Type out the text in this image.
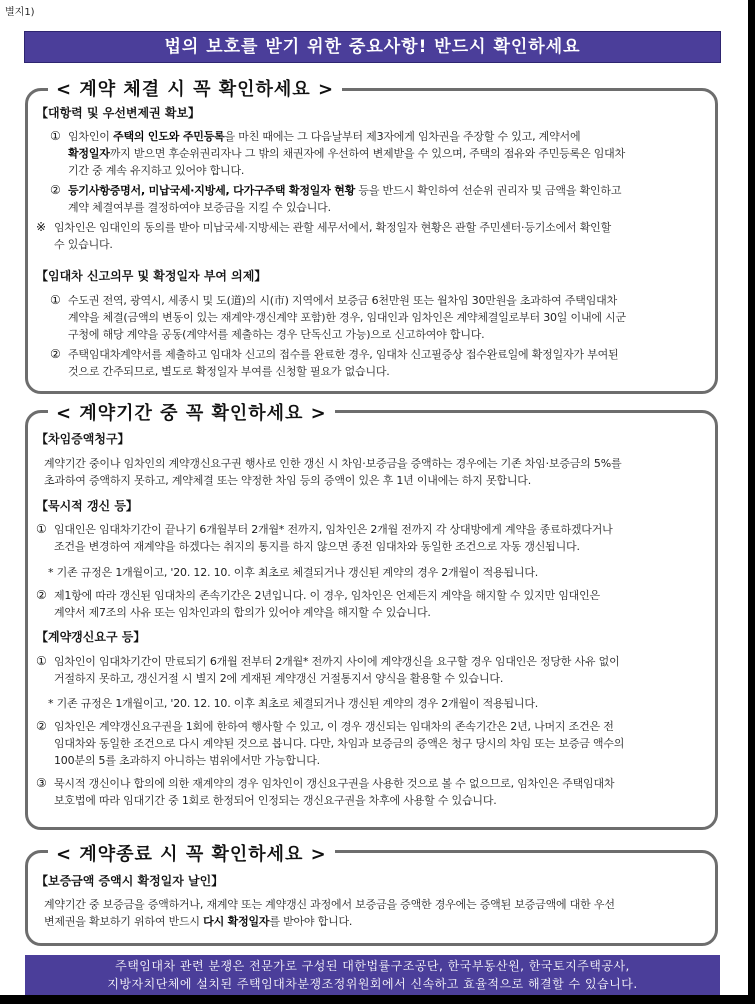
별지1)
법의 보호를 받기 위한 중요사항! 반드시 확인하세요
< 계약 체결 시 꼭 확인하세요 >
【대항력 및 우선변제권 확보】
① 임차인이 주택의 인도와 주민등록을 마친 때에는 그 다음날부터 제3자에게 임차권을 주장할 수 있고, 계약서에
확정일자까지 받으면 후순위권리자나 그 밖의 채권자에 우선하여 변제받을 수 있으며, 주택의 점유와 주민등록은 임대차
기간 중 계속 유지하고 있어야 합니다.
② 등기사항증명서, 미납국세·지방세, 다가구주택 확정일자 현황 등을 반드시 확인하여 선순위 권리자 및 금액을 확인하고
계약 체결여부를 결정하여야 보증금을 지킬 수 있습니다.
※ 임차인은 임대인의 동의를 받아 미납국세·지방세는 관할 세무서에서, 확정일자 현황은 관할 주민센터·등기소에서 확인할
수 있습니다.
【임대차 신고의무 및 확정일자 부여 의제】
① 수도권 전역, 광역시, 세종시 및 도(道)의 시(市) 지역에서 보증금 6천만원 또는 월차임 30만원을 초과하여 주택임대차
계약을 체결(금액의 변동이 있는 재계약·갱신계약 포함)한 경우, 임대인과 임차인은 계약체결일로부터 30일 이내에 시군
구청에 해당 계약을 공동(계약서를 제출하는 경우 단독신고 가능)으로 신고하여야 합니다.
② 주택임대차계약서를 제출하고 임대차 신고의 접수를 완료한 경우, 임대차 신고필증상 접수완료일에 확정일자가 부여된
것으로 간주되므로, 별도로 확정일자 부여를 신청할 필요가 없습니다.
< 계약기간 중 꼭 확인하세요 >
【차임증액청구】
계약기간 중이나 임차인의 계약갱신요구권 행사로 인한 갱신 시 차임·보증금을 증액하는 경우에는 기존 차임·보증금의 5%를
초과하여 증액하지 못하고, 계약체결 또는 약정한 차임 등의 증액이 있은 후 1년 이내에는 하지 못합니다.
【묵시적 갱신 등】
① 임대인은 임대차기간이 끝나기 6개월부터 2개월* 전까지, 임차인은 2개월 전까지 각 상대방에게 계약을 종료하겠다거나
조건을 변경하여 재계약을 하겠다는 취지의 통지를 하지 않으면 종전 임대차와 동일한 조건으로 자동 갱신됩니다.
* 기존 규정은 1개월이고, '20. 12. 10. 이후 최초로 체결되거나 갱신된 계약의 경우 2개월이 적용됩니다.
② 제1항에 따라 갱신된 임대차의 존속기간은 2년입니다. 이 경우, 임차인은 언제든지 계약을 해지할 수 있지만 임대인은
계약서 제7조의 사유 또는 임차인과의 합의가 있어야 계약을 해지할 수 있습니다.
【계약갱신요구 등】
① 임차인이 임대차기간이 만료되기 6개월 전부터 2개월* 전까지 사이에 계약갱신을 요구할 경우 임대인은 정당한 사유 없이
거절하지 못하고, 갱신거절 시 별지 2에 게재된 계약갱신 거절통지서 양식을 활용할 수 있습니다.
* 기존 규정은 1개월이고, '20. 12. 10. 이후 최초로 체결되거나 갱신된 계약의 경우 2개월이 적용됩니다.
② 임차인은 계약갱신요구권을 1회에 한하여 행사할 수 있고, 이 경우 갱신되는 임대차의 존속기간은 2년, 나머지 조건은 전
임대차와 동일한 조건으로 다시 계약된 것으로 봅니다. 다만, 차임과 보증금의 증액은 청구 당시의 차임 또는 보증금 액수의
100분의 5를 초과하지 아니하는 범위에서만 가능합니다.
③ 묵시적 갱신이나 합의에 의한 재계약의 경우 임차인이 갱신요구권을 사용한 것으로 볼 수 없으므로, 임차인은 주택임대차
보호법에 따라 임대기간 중 1회로 한정되어 인정되는 갱신요구권을 차후에 사용할 수 있습니다.
< 계약종료 시 꼭 확인하세요 >
【보증금액 증액시 확정일자 날인】
계약기간 중 보증금을 증액하거나, 재계약 또는 계약갱신 과정에서 보증금을 증액한 경우에는 증액된 보증금액에 대한 우선
변제권을 확보하기 위하여 반드시 다시 확정일자를 받아야 합니다.
주택임대차 관련 분쟁은 전문가로 구성된 대한법률구조공단, 한국부동산원, 한국토지주택공사,
지방자치단체에 설치된 주택임대차분쟁조정위원회에서 신속하고 효율적으로 해결할 수 있습니다.
